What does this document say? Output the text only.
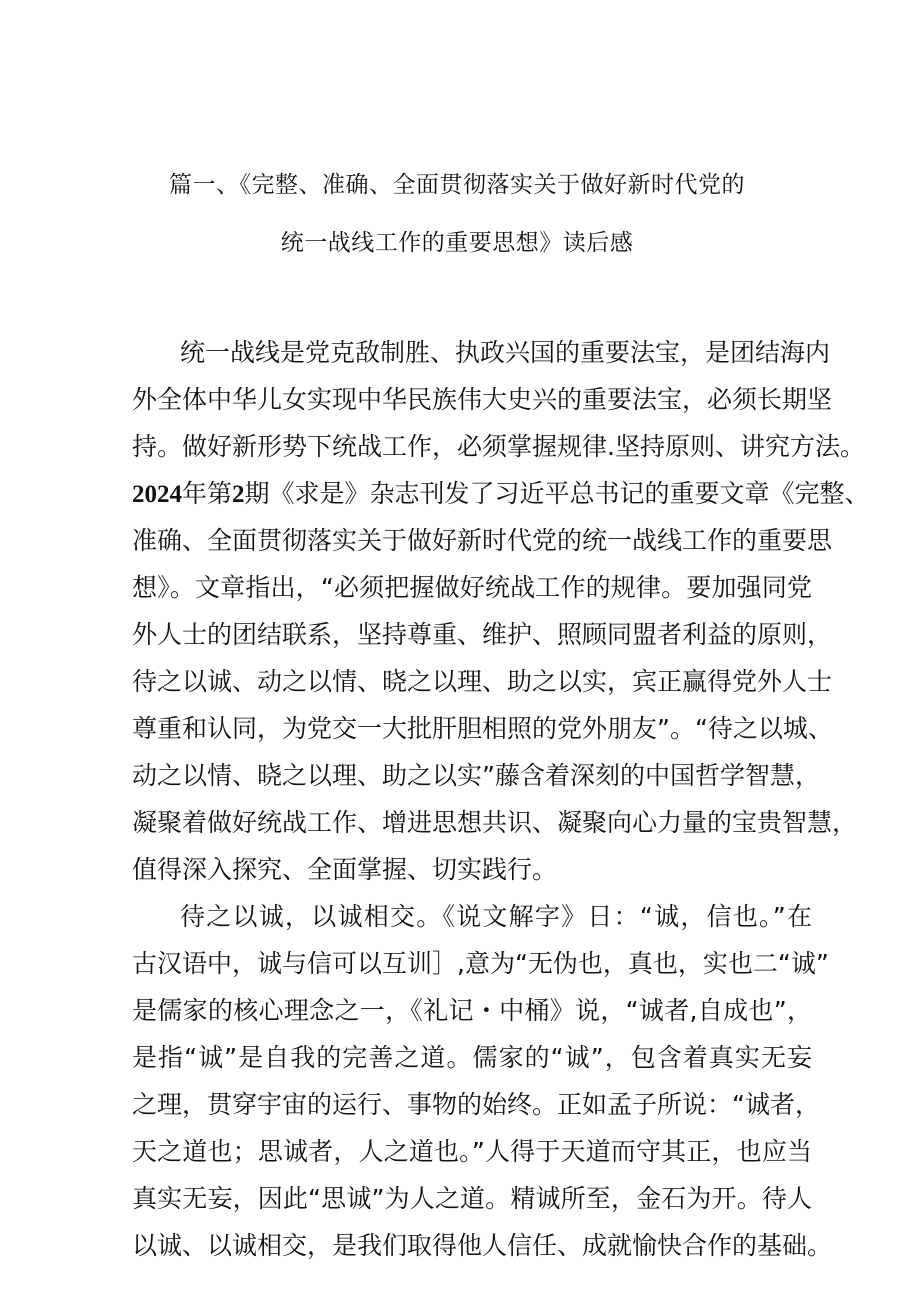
篇一、《完整、准确、全面贯彻落实关于做好新时代党的
统一战线工作的重要思想》读后感
统一战线是党克敌制胜、执政兴国的重要法宝，是团结海内
外全体中华儿女实现中华民族伟大史兴的重要法宝，必须长期坚
持。做好新形势下统战工作，必须掌握规律.坚持原则、讲究方法。
2024年第2期《求是》杂志刊发了习近平总书记的重要文章《完整、
准确、全面贯彻落实关于做好新时代党的统一战线工作的重要思
想》。文章指出，“必须把握做好统战工作的规律。要加强同党
外人士的团结联系，坚持尊重、维护、照顾同盟者利益的原则，
待之以诚、动之以情、晓之以理、助之以实，宾正赢得党外人士
尊重和认同，为党交一大批肝胆相照的党外朋友”。“待之以城、
动之以情、晓之以理、助之以实”藤含着深刻的中国哲学智慧，
凝聚着做好统战工作、增进思想共识、凝聚向心力量的宝贵智慧，
值得深入探究、全面掌握、切实践行。
待之以诚，以诚相交。《说文解字》日：“诚，信也。”在
古汉语中，诚与信可以互训］,意为“无伪也，真也，实也二“诚”
是儒家的核心理念之一，《礼记・中桶》说，“诚者,自成也”，
是指“诚”是自我的完善之道。儒家的“诚”，包含着真实无妄
之理，贯穿宇宙的运行、事物的始终。正如孟子所说：“诚者，
天之道也；思诚者，人之道也。”人得于天道而守其正，也应当
真实无妄，因此“思诚”为人之道。精诚所至，金石为开。待人
以诚、以诚相交，是我们取得他人信任、成就愉快合作的基础。
